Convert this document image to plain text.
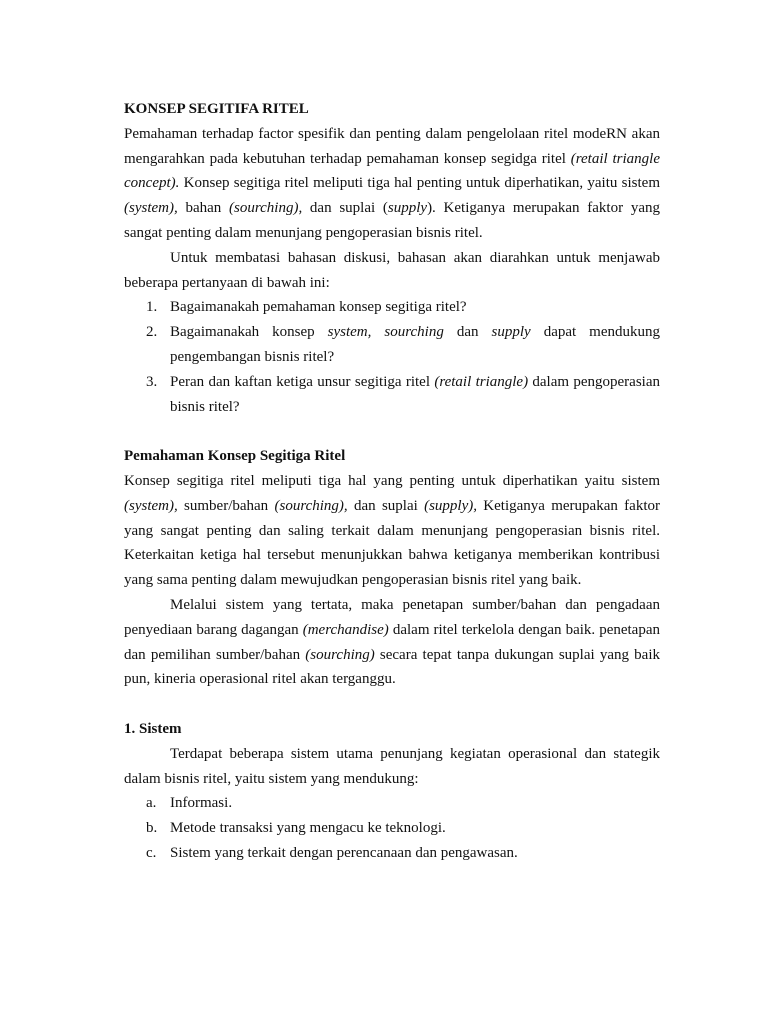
KONSEP SEGITIFA RITEL

Pemahaman terhadap factor spesifik dan penting dalam pengelolaan ritel modeRN akan mengarahkan pada kebutuhan terhadap pemahaman konsep segidga ritel (retail triangle concept). Konsep segitiga ritel meliputi tiga hal penting untuk diperhatikan, yaitu sistem (system), bahan (sourching), dan suplai (supply). Ketiganya merupakan faktor yang sangat penting dalam menunjang pengoperasian bisnis ritel.

Untuk membatasi bahasan diskusi, bahasan akan diarahkan untuk menjawab beberapa pertanyaan di bawah ini:

1. Bagaimanakah pemahaman konsep segitiga ritel?
2. Bagaimanakah konsep system, sourching dan supply dapat mendukung pengembangan bisnis ritel?
3. Peran dan kaftan ketiga unsur segitiga ritel (retail triangle) dalam pengoperasian bisnis ritel?

Pemahaman Konsep Segitiga Ritel

Konsep segitiga ritel meliputi tiga hal yang penting untuk diperhatikan yaitu sistem (system), sumber/bahan (sourching), dan suplai (supply), Ketiganya merupakan faktor yang sangat penting dan saling terkait dalam menunjang pengoperasian bisnis ritel. Keterkaitan ketiga hal tersebut menunjukkan bahwa ketiganya memberikan kontribusi yang sama penting dalam mewujudkan pengoperasian bisnis ritel yang baik.

Melalui sistem yang tertata, maka penetapan sumber/bahan dan pengadaan penyediaan barang dagangan (merchandise) dalam ritel terkelola dengan baik. penetapan dan pemilihan sumber/bahan (sourching) secara tepat tanpa dukungan suplai yang baik pun, kineria operasional ritel akan terganggu.

1. Sistem

Terdapat beberapa sistem utama penunjang kegiatan operasional dan stategik dalam bisnis ritel, yaitu sistem yang mendukung:

a. Informasi.
b. Metode transaksi yang mengacu ke teknologi.
c. Sistem yang terkait dengan perencanaan dan pengawasan.
